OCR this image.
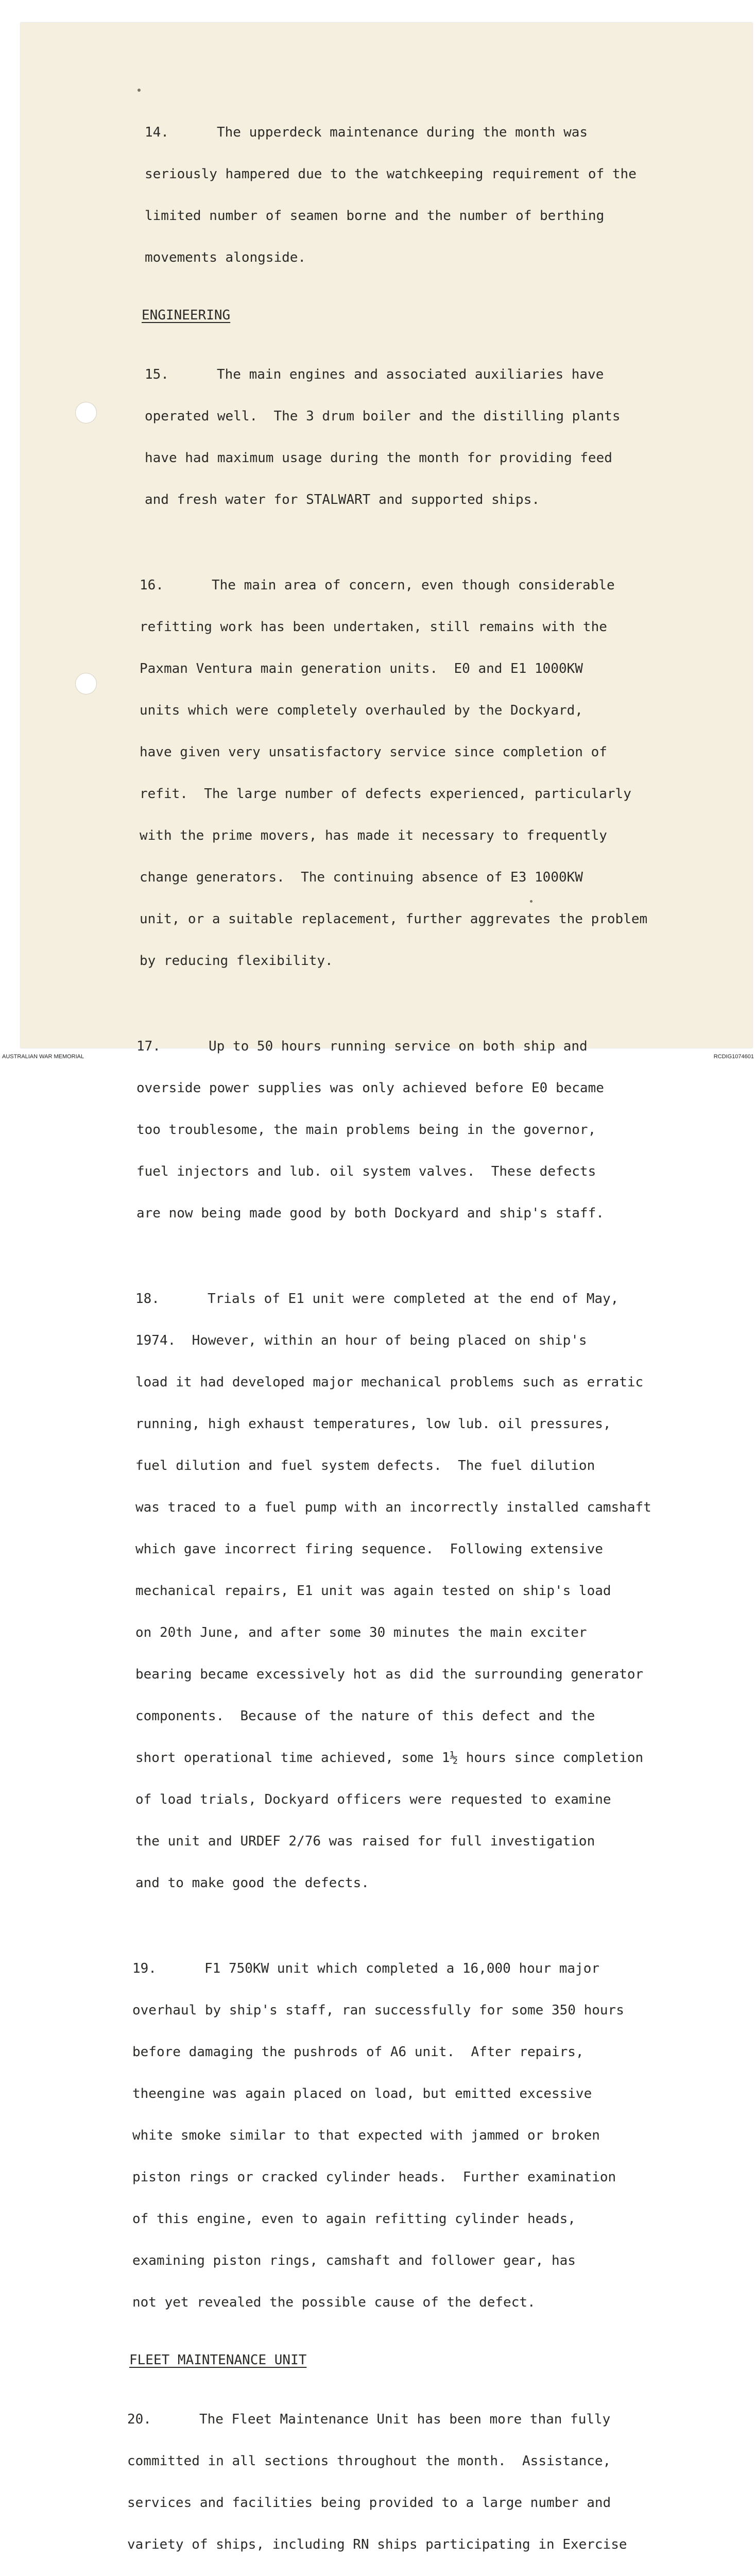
14.	The upperdeck maintenance during the month was

seriously hampered due to the watchkeeping requirement of the

limited number of seamen borne and the number of berthing

movements alongside.

ENGINEERING

15.	The main engines and associated auxiliaries have

operated well.  The 3 drum boiler and the distilling plants

have had maximum usage during the month for providing feed

and fresh water for STALWART and supported ships.

16.	The main area of concern, even though considerable

refitting work has been undertaken, still remains with the

Paxman Ventura main generation units.  E0 and E1 1000KW

units which were completely overhauled by the Dockyard,

have given very unsatisfactory service since completion of

refit.  The large number of defects experienced, particularly

with the prime movers, has made it necessary to frequently

change generators.  The continuing absence of E3 1000KW

unit, or a suitable replacement, further aggrevates the problem

by reducing flexibility.

17.	Up to 50 hours running service on both ship and

overside power supplies was only achieved before E0 became

too troublesome, the main problems being in the governor,

fuel injectors and lub. oil system valves.  These defects

are now being made good by both Dockyard and ship's staff.

18.	Trials of E1 unit were completed at the end of May,

1974.  However, within an hour of being placed on ship's

load it had developed major mechanical problems such as erratic

running, high exhaust temperatures, low lub. oil pressures,

fuel dilution and fuel system defects.  The fuel dilution

was traced to a fuel pump with an incorrectly installed camshaft

which gave incorrect firing sequence.  Following extensive

mechanical repairs, E1 unit was again tested on ship's load

on 20th June, and after some 30 minutes the main exciter

bearing became excessively hot as did the surrounding generator

components.  Because of the nature of this defect and the

short operational time achieved, some 1½ hours since completion

of load trials, Dockyard officers were requested to examine

the unit and URDEF 2/76 was raised for full investigation

and to make good the defects.

19.	F1 750KW unit which completed a 16,000 hour major

overhaul by ship's staff, ran successfully for some 350 hours

before damaging the pushrods of A6 unit.  After repairs,

theengine was again placed on load, but emitted excessive

white smoke similar to that expected with jammed or broken

piston rings or cracked cylinder heads.  Further examination

of this engine, even to again refitting cylinder heads,

examining piston rings, camshaft and follower gear, has

not yet revealed the possible cause of the defect.

FLEET MAINTENANCE UNIT

20.	The Fleet Maintenance Unit has been more than fully

committed in all sections throughout the month.  Assistance,

services and facilities being provided to a large number and

variety of ships, including RN ships participating in Exercise

AUSTRALIAN WAR MEMORIAL	RCDIG1074601
